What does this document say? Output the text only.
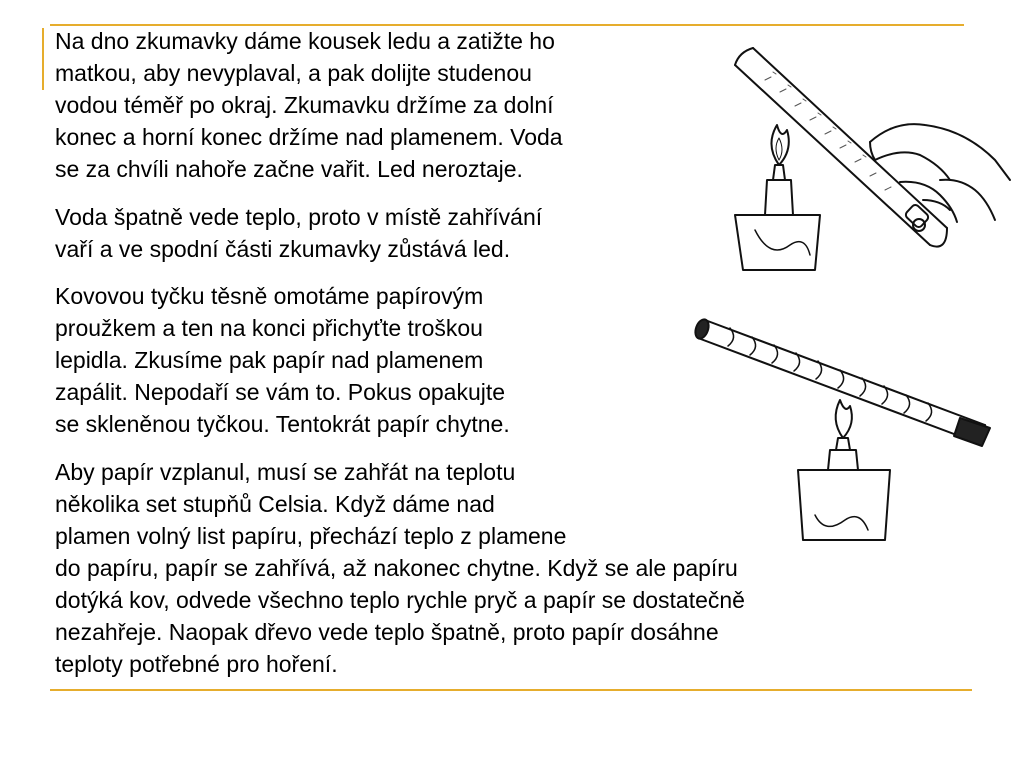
Na dno zkumavky dáme kousek ledu a zatižte ho
matkou, aby nevyplaval, a pak dolijte studenou
vodou téměř po okraj. Zkumavku držíme za dolní
konec a horní konec držíme nad plamenem. Voda
se za chvíli nahoře začne vařit. Led neroztaje.

Voda špatně vede teplo, proto v místě zahřívání
vaří a ve spodní části zkumavky zůstává led.

Kovovou tyčku těsně omotáme papírovým
proužkem a ten na konci přichyťte troškou
lepidla. Zkusíme pak papír nad plamenem
zapálit. Nepodaří se vám to. Pokus opakujte
se skleněnou tyčkou. Tentokrát papír chytne.

Aby papír vzplanul, musí se zahřát na teplotu
několika set stupňů Celsia. Když dáme nad
plamen volný list papíru, přechází teplo z plamene
do papíru, papír se zahřívá, až nakonec chytne. Když se ale papíru
dotýká kov, odvede všechno teplo rychle pryč a papír se dostatečně
nezahřeje. Naopak dřevo vede teplo špatně, proto papír dosáhne
teploty potřebné pro hoření.
